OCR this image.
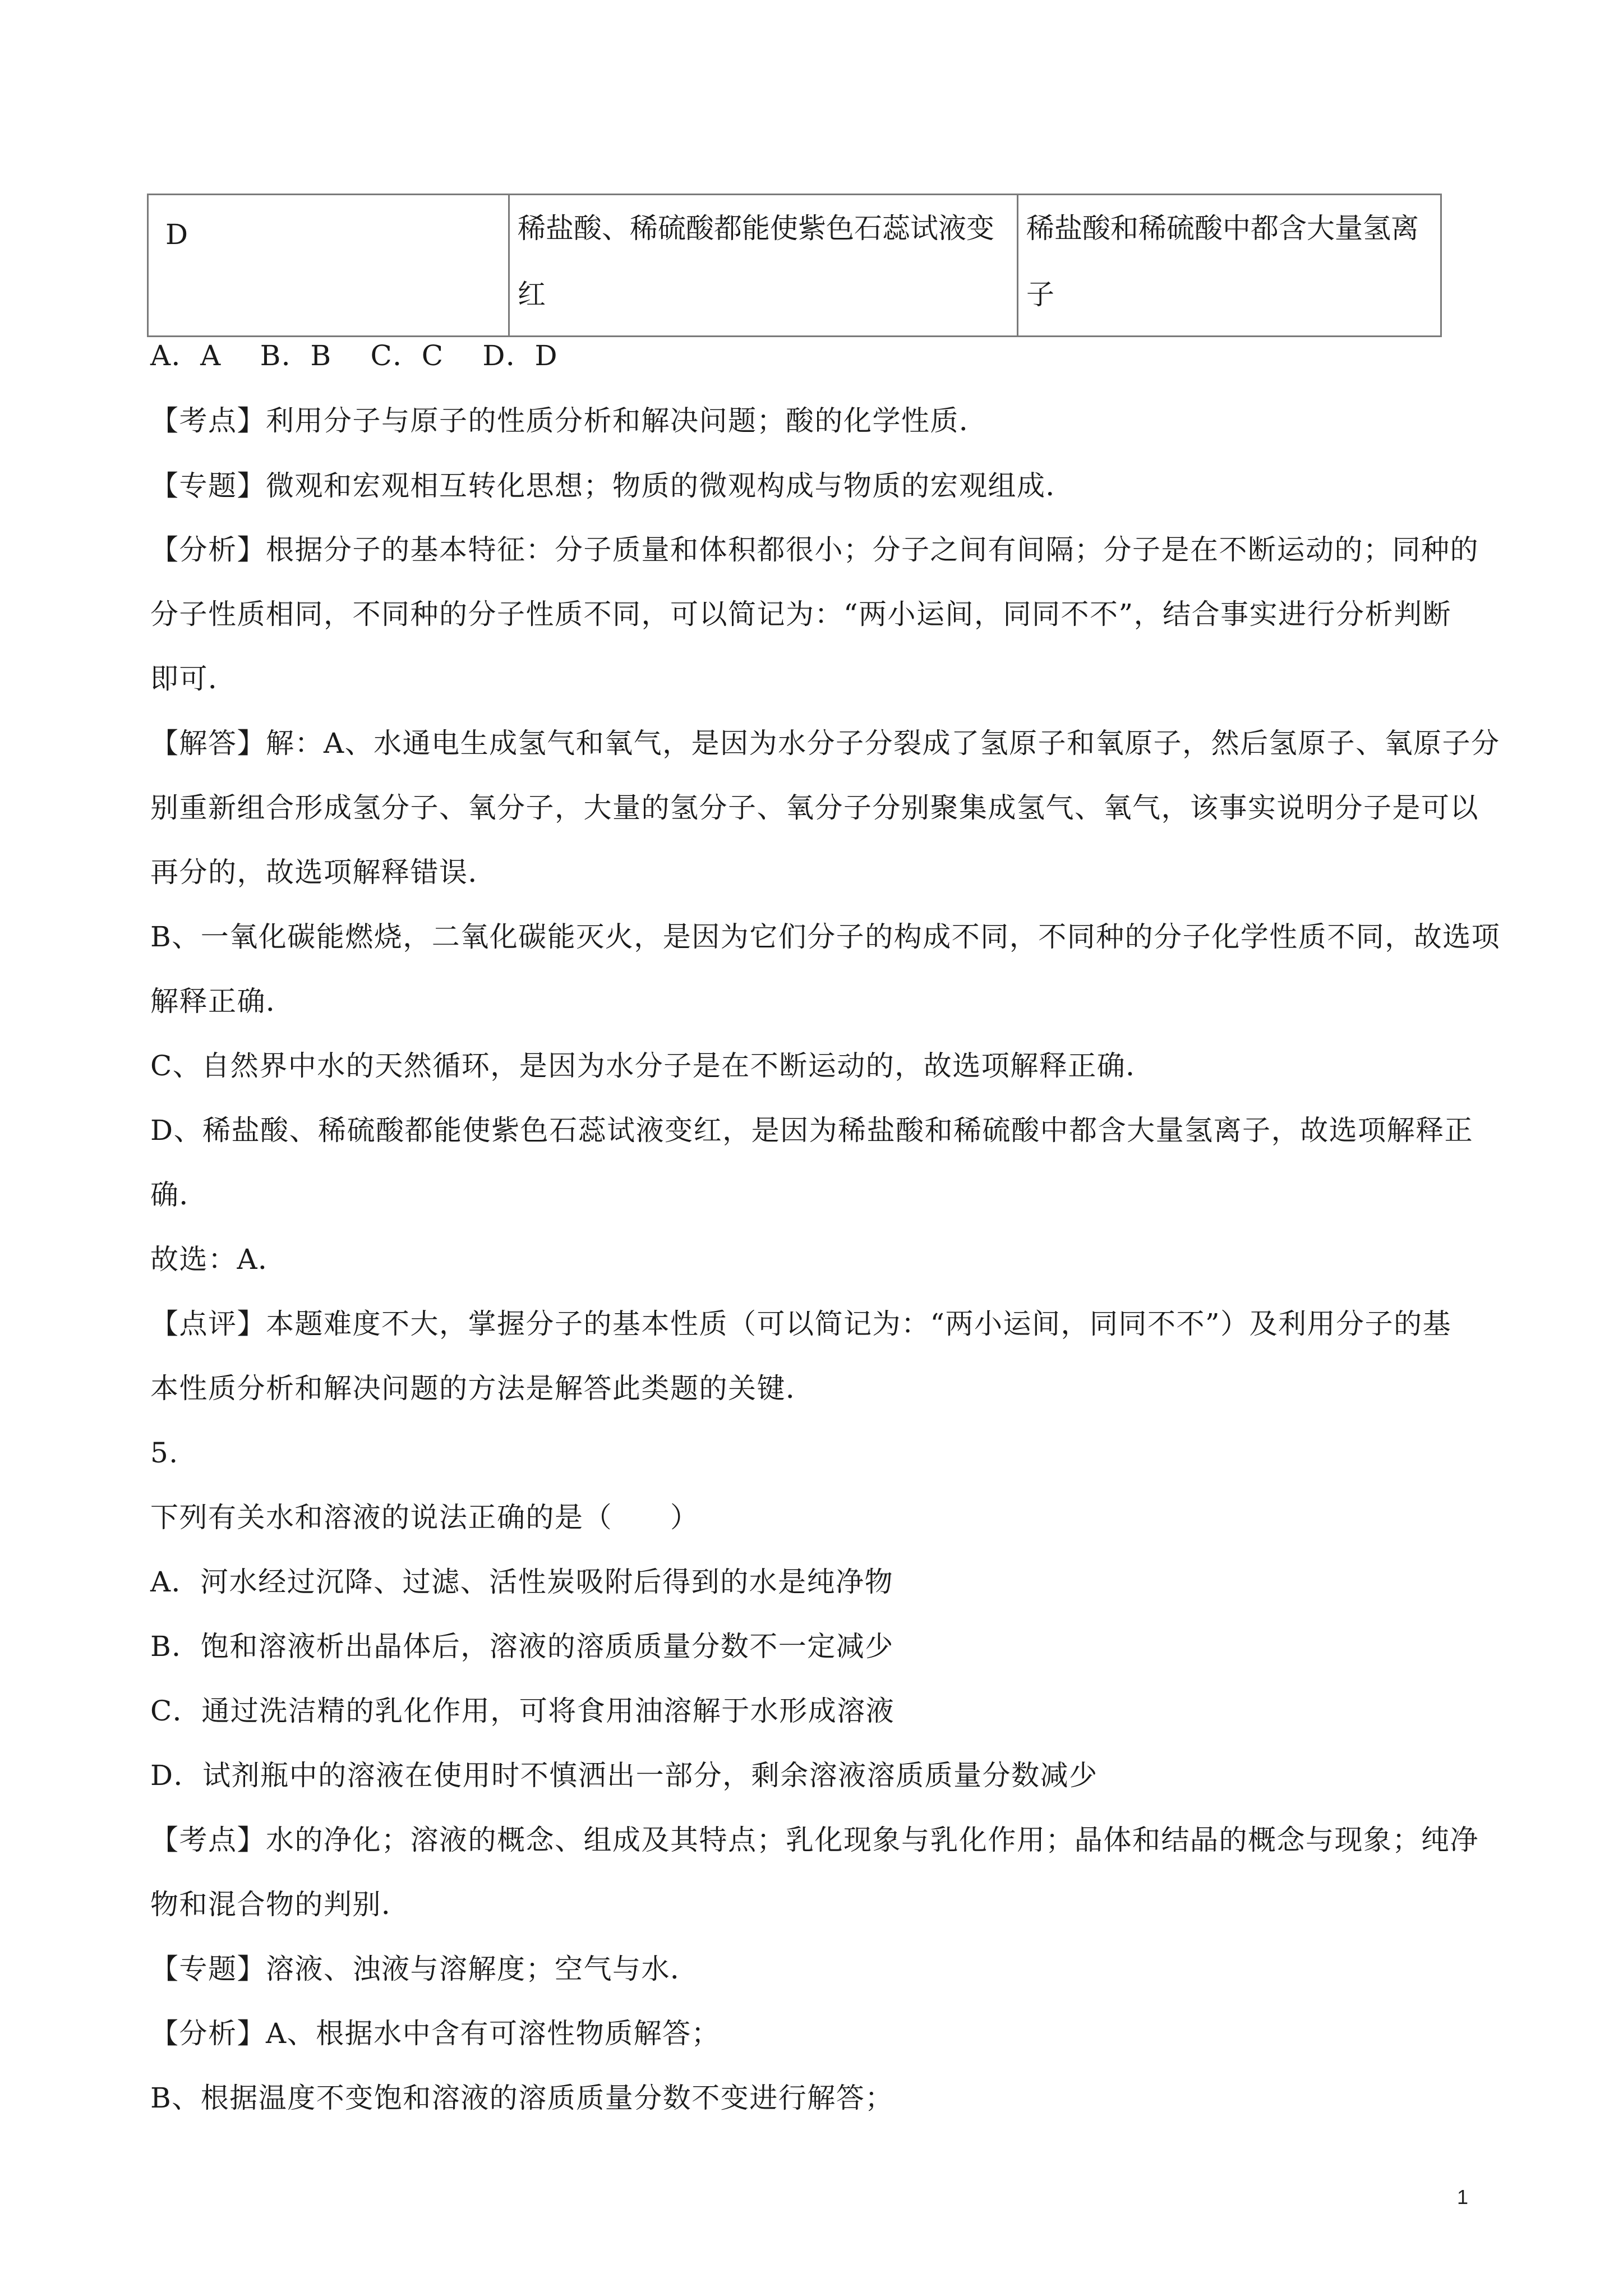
D	稀盐酸、稀硫酸都能使紫色石蕊试液变红	稀盐酸和稀硫酸中都含大量氢离子
A．A　 B．B　 C．C　 D．D
【考点】利用分子与原子的性质分析和解决问题；酸的化学性质．
【专题】微观和宏观相互转化思想；物质的微观构成与物质的宏观组成．
【分析】根据分子的基本特征：分子质量和体积都很小；分子之间有间隔；分子是在不断运动的；同种的
分子性质相同，不同种的分子性质不同，可以简记为：“两小运间，同同不不”，结合事实进行分析判断
即可．
【解答】解：A、水通电生成氢气和氧气，是因为水分子分裂成了氢原子和氧原子，然后氢原子、氧原子分
别重新组合形成氢分子、氧分子，大量的氢分子、氧分子分别聚集成氢气、氧气，该事实说明分子是可以
再分的，故选项解释错误．
B、一氧化碳能燃烧，二氧化碳能灭火，是因为它们分子的构成不同，不同种的分子化学性质不同，故选项
解释正确．
C、自然界中水的天然循环，是因为水分子是在不断运动的，故选项解释正确．
D、稀盐酸、稀硫酸都能使紫色石蕊试液变红，是因为稀盐酸和稀硫酸中都含大量氢离子，故选项解释正
确．
故选：A．
【点评】本题难度不大，掌握分子的基本性质（可以简记为：“两小运间，同同不不”）及利用分子的基
本性质分析和解决问题的方法是解答此类题的关键．
5.
下列有关水和溶液的说法正确的是（　　）
A．河水经过沉降、过滤、活性炭吸附后得到的水是纯净物
B．饱和溶液析出晶体后，溶液的溶质质量分数不一定减少
C．通过洗洁精的乳化作用，可将食用油溶解于水形成溶液
D．试剂瓶中的溶液在使用时不慎洒出一部分，剩余溶液溶质质量分数减少
【考点】水的净化；溶液的概念、组成及其特点；乳化现象与乳化作用；晶体和结晶的概念与现象；纯净
物和混合物的判别．
【专题】溶液、浊液与溶解度；空气与水．
【分析】A、根据水中含有可溶性物质解答；
B、根据温度不变饱和溶液的溶质质量分数不变进行解答；
1
